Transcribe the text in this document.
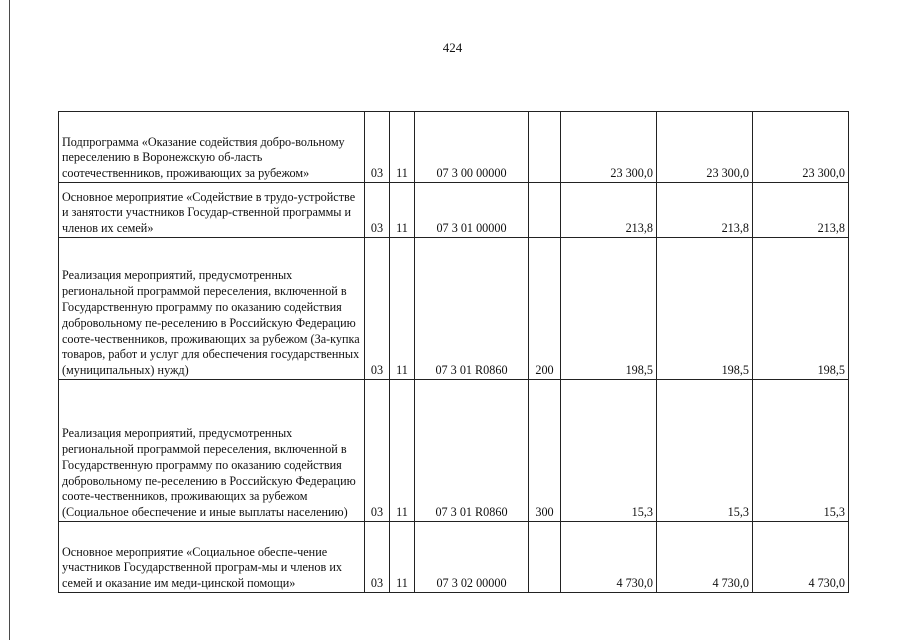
424
Подпрограмма «Оказание содействия добро-вольному переселению в Воронежскую об-ласть соотечественников, проживающих за рубежом»	03	11	07 3 00 00000		23 300,0	23 300,0	23 300,0
Основное мероприятие «Содействие в трудо-устройстве и занятости участников Государ-ственной программы и членов их семей»	03	11	07 3 01 00000		213,8	213,8	213,8
Реализация мероприятий, предусмотренных региональной программой переселения, включенной в Государственную программу по оказанию содействия добровольному пе-реселению в Российскую Федерацию сооте-чественников, проживающих за рубежом (За-купка товаров, работ и услуг для обеспечения государственных (муниципальных) нужд)	03	11	07 3 01 R0860	200	198,5	198,5	198,5
Реализация мероприятий, предусмотренных региональной программой переселения, включенной в Государственную программу по оказанию содействия добровольному пе-реселению в Российскую Федерацию сооте-чественников, проживающих за рубежом (Социальное обеспечение и иные выплаты населению)	03	11	07 3 01 R0860	300	15,3	15,3	15,3
Основное мероприятие «Социальное обеспе-чение участников Государственной програм-мы и членов их семей и оказание им меди-цинской помощи»	03	11	07 3 02 00000		4 730,0	4 730,0	4 730,0
